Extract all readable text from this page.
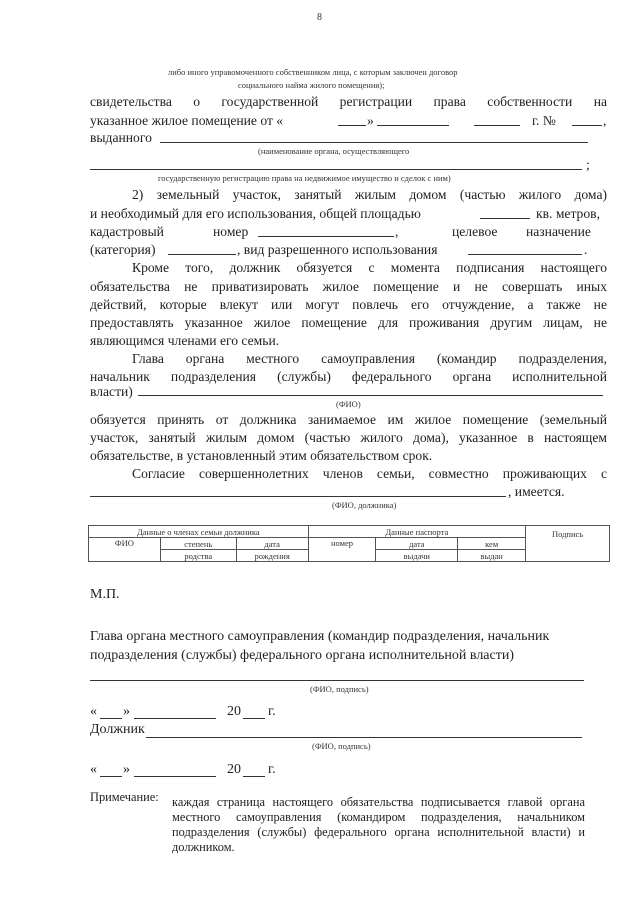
8
либо иного управомоченного собственником лица, с которым заключен договор
социального найма жилого помещения);
свидетельства о государственной регистрации права собственности на
указанное жилое помещение от «	»	г. №	,
выданного
(наименование органа, осуществляющего
;
государственную регистрацию права на недвижимое имущество и сделок с ним)
2) земельный участок, занятый жилым домом (частью жилого дома)
и необходимый для его использования, общей площадью	кв. метров,
кадастровый	номер	,	целевое назначение
(категория)	, вид разрешенного использования	.
Кроме того, должник обязуется с момента подписания настоящего
обязательства не приватизировать жилое помещение и не совершать иных
действий, которые влекут или могут повлечь его отчуждение, а также не
предоставлять указанное жилое помещение для проживания другим лицам, не
являющимся членами его семьи.
Глава органа местного самоуправления (командир подразделения,
начальник подразделения (службы) федерального органа исполнительной
власти)
(ФИО)
обязуется принять от должника занимаемое им жилое помещение (земельный
участок, занятый жилым домом (частью жилого дома), указанное в настоящем
обязательстве, в установленный этим обязательством срок.
Согласие совершеннолетних членов семьи, совместно проживающих с
, имеется.
(ФИО, должника)
Данные о членах семьи должника			Данные паспорта			Подпись
ФИО	степень	дата	номер	дата	кем	
	родства	рождения		выдачи	выдан	
М.П.
Глава органа местного самоуправления (командир подразделения, начальник
подразделения (службы) федерального органа исполнительной власти)
(ФИО, подпись)
« »	20 г.
Должник
(ФИО, подпись)
« »	20 г.
Примечание: каждая страница настоящего обязательства подписывается главой органа
местного самоуправления (командиром подразделения, начальником
подразделения (службы) федерального органа исполнительной власти) и
должником.
